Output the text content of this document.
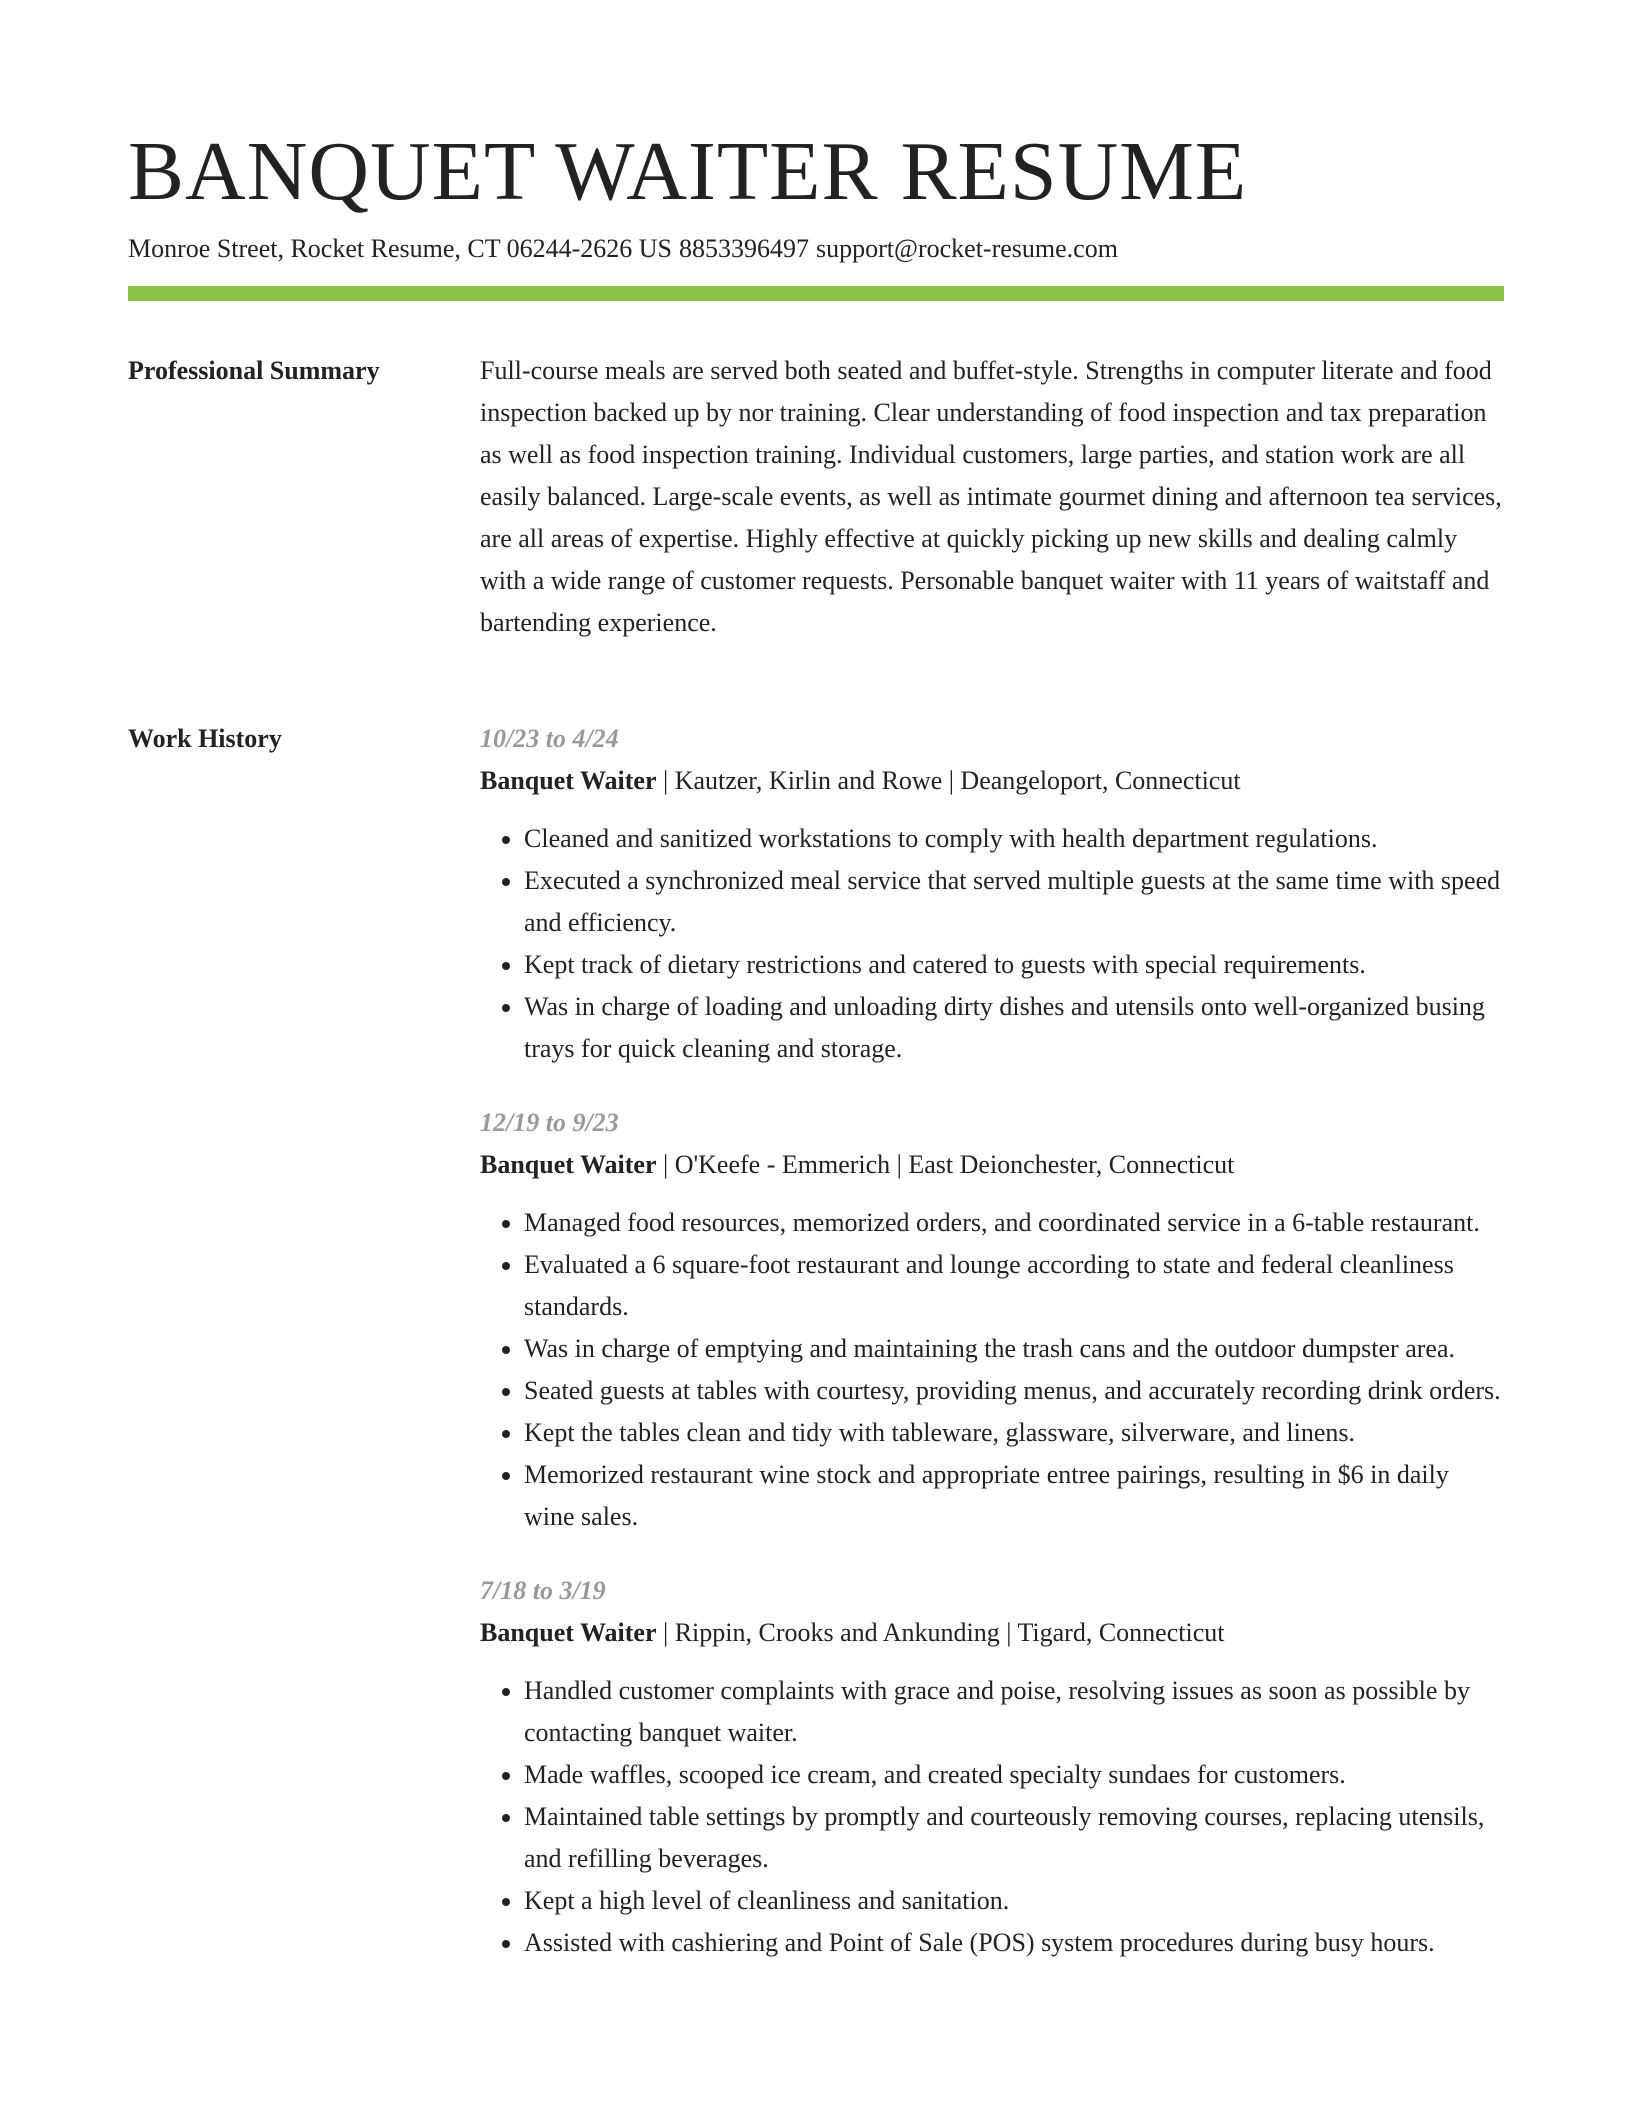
BANQUET WAITER RESUME
Monroe Street, Rocket Resume, CT 06244-2626 US 8853396497 support@rocket-resume.com
Professional Summary	Full-course meals are served both seated and buffet-style. Strengths in computer literate and food inspection backed up by nor training. Clear understanding of food inspection and tax preparation as well as food inspection training. Individual customers, large parties, and station work are all easily balanced. Large-scale events, as well as intimate gourmet dining and afternoon tea services, are all areas of expertise. Highly effective at quickly picking up new skills and dealing calmly with a wide range of customer requests. Personable banquet waiter with 11 years of waitstaff and bartending experience.

Work History	10/23 to 4/24
Banquet Waiter | Kautzer, Kirlin and Rowe | Deangeloport, Connecticut
• Cleaned and sanitized workstations to comply with health department regulations.
• Executed a synchronized meal service that served multiple guests at the same time with speed and efficiency.
• Kept track of dietary restrictions and catered to guests with special requirements.
• Was in charge of loading and unloading dirty dishes and utensils onto well-organized busing trays for quick cleaning and storage.
12/19 to 9/23
Banquet Waiter | O'Keefe - Emmerich | East Deionchester, Connecticut
• Managed food resources, memorized orders, and coordinated service in a 6-table restaurant.
• Evaluated a 6 square-foot restaurant and lounge according to state and federal cleanliness standards.
• Was in charge of emptying and maintaining the trash cans and the outdoor dumpster area.
• Seated guests at tables with courtesy, providing menus, and accurately recording drink orders.
• Kept the tables clean and tidy with tableware, glassware, silverware, and linens.
• Memorized restaurant wine stock and appropriate entree pairings, resulting in $6 in daily wine sales.
7/18 to 3/19
Banquet Waiter | Rippin, Crooks and Ankunding | Tigard, Connecticut
• Handled customer complaints with grace and poise, resolving issues as soon as possible by contacting banquet waiter.
• Made waffles, scooped ice cream, and created specialty sundaes for customers.
• Maintained table settings by promptly and courteously removing courses, replacing utensils, and refilling beverages.
• Kept a high level of cleanliness and sanitation.
• Assisted with cashiering and Point of Sale (POS) system procedures during busy hours.
